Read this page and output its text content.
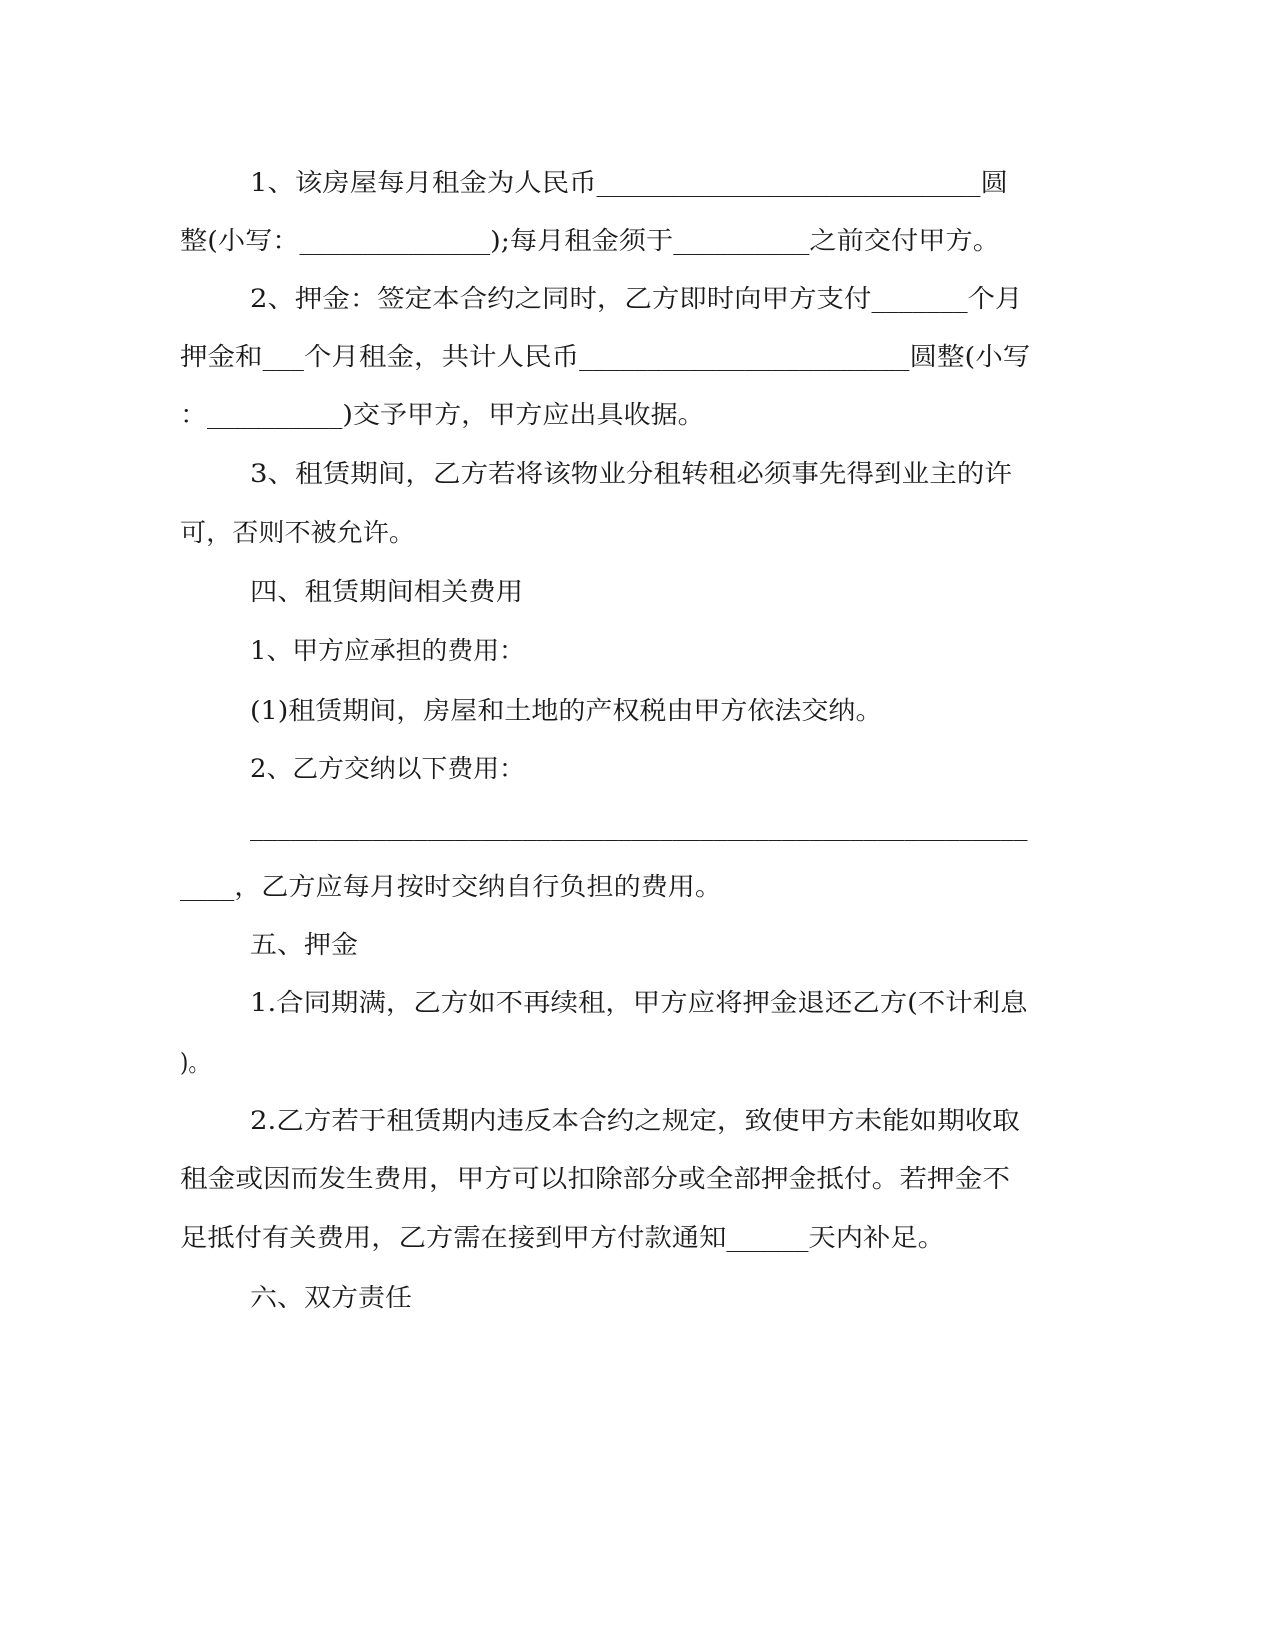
1、该房屋每月租金为人民币____________________________圆
整(小写：______________);每月租金须于__________之前交付甲方。
2、押金：签定本合约之同时，乙方即时向甲方支付_______个月
押金和___个月租金，共计人民币________________________圆整(小写
：__________)交予甲方，甲方应出具收据。
3、租赁期间，乙方若将该物业分租转租必须事先得到业主的许
可，否则不被允许。
四、租赁期间相关费用
1、甲方应承担的费用：
(1)租赁期间，房屋和土地的产权税由甲方依法交纳。
2、乙方交纳以下费用：
_________________________________________________________
____，乙方应每月按时交纳自行负担的费用。
五、押金
1.合同期满，乙方如不再续租，甲方应将押金退还乙方(不计利息
)。
2.乙方若于租赁期内违反本合约之规定，致使甲方未能如期收取
租金或因而发生费用，甲方可以扣除部分或全部押金抵付。若押金不
足抵付有关费用，乙方需在接到甲方付款通知______天内补足。
六、双方责任
